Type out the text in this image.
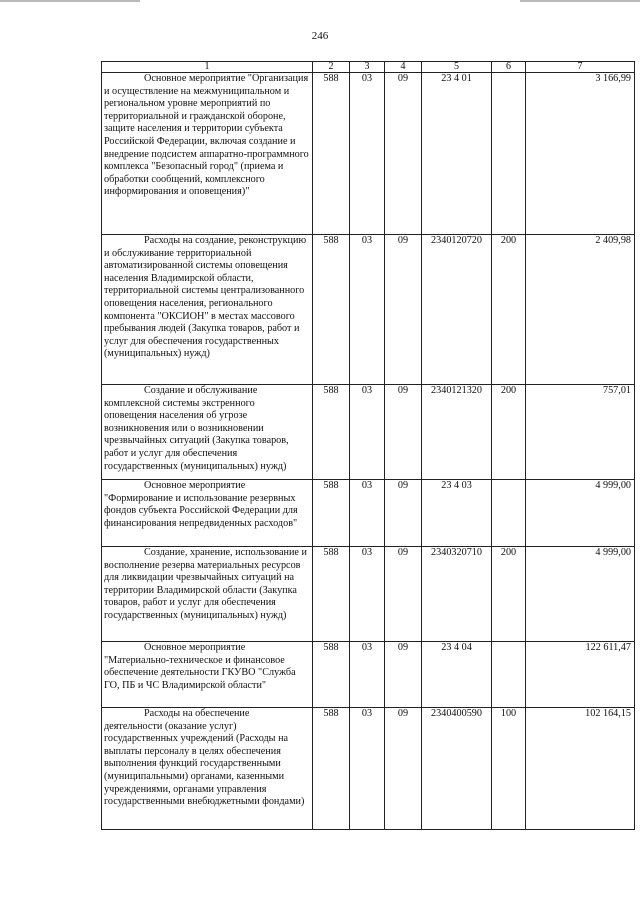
246
1	2	3	4	5	6	7

Основное мероприятие "Организация и осуществление на межмуниципальном и региональном уровне мероприятий по территориальной и гражданской обороне, защите населения и территории субъекта Российской Федерации, включая создание и внедрение подсистем аппаратно-программного комплекса "Безопасный город" (приема и обработки сообщений, комплексного информирования и оповещения)"	588	03	09	23 4 01		3 166,99

Расходы на создание, реконструкцию и обслуживание территориальной автоматизированной системы оповещения населения Владимирской области, территориальной системы централизованного оповещения населения, регионального компонента "ОКСИОН" в местах массового пребывания людей (Закупка товаров, работ и услуг для обеспечения государственных (муниципальных) нужд)	588	03	09	2340120720	200	2 409,98

Создание и обслуживание комплексной системы экстренного оповещения населения об угрозе возникновения или о возникновении чрезвычайных ситуаций (Закупка товаров, работ и услуг для обеспечения государственных (муниципальных) нужд)	588	03	09	2340121320	200	757,01

Основное мероприятие "Формирование и использование резервных фондов субъекта Российской Федерации для финансирования непредвиденных расходов"	588	03	09	23 4 03		4 999,00

Создание, хранение, использование и восполнение резерва материальных ресурсов для ликвидации чрезвычайных ситуаций на территории Владимирской области (Закупка товаров, работ и услуг для обеспечения государственных (муниципальных) нужд)	588	03	09	2340320710	200	4 999,00

Основное мероприятие "Материально-техническое и финансовое обеспечение деятельности ГКУВО "Служба ГО, ПБ и ЧС Владимирской области"	588	03	09	23 4 04		122 611,47

Расходы на обеспечение деятельности (оказание услуг) государственных учреждений (Расходы на выплаты персоналу в целях обеспечения выполнения функций государственными (муниципальными) органами, казенными учреждениями, органами управления государственными внебюджетными фондами)	588	03	09	2340400590	100	102 164,15
